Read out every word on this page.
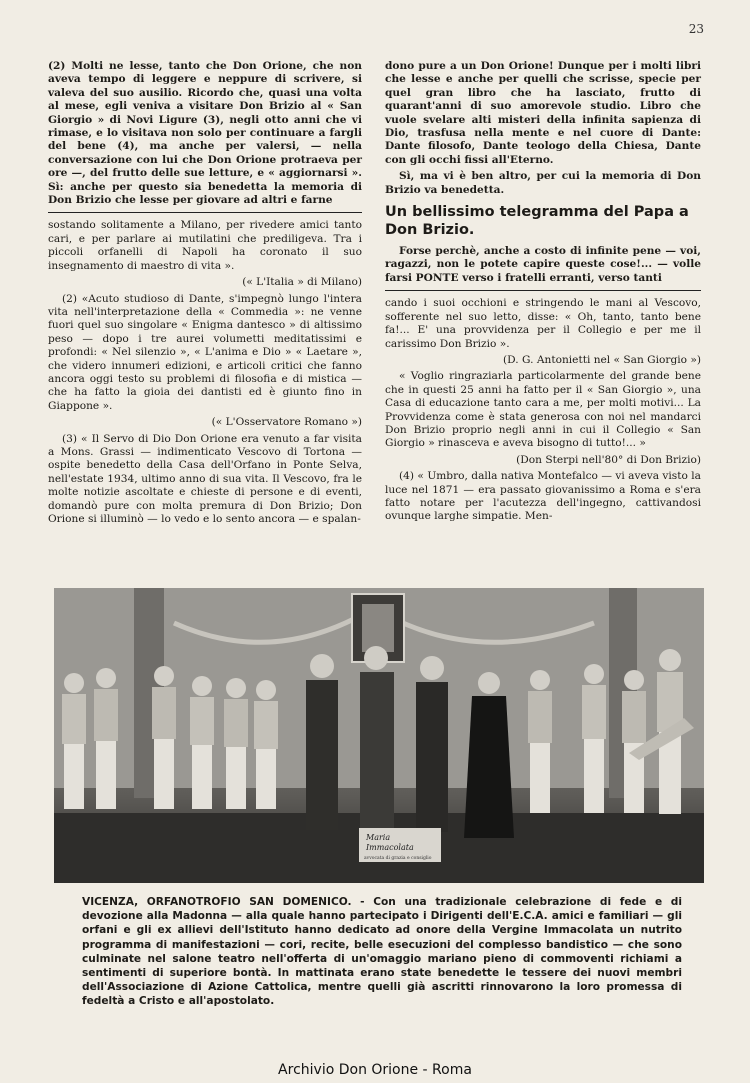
23

(2) Molti ne lesse, tanto che Don Orione, che non aveva tempo di leggere e neppure di scrivere, si valeva del suo ausilio. Ricordo che, quasi una volta al mese, egli veniva a visitare Don Brizio al « San Giorgio » di Novi Ligure (3), negli otto anni che vi rimase, e lo visitava non solo per continuare a fargli del bene (4), ma anche per valersi, — nella conversazione con lui che Don Orione protraeva per ore —, del frutto delle sue letture, e « aggiornarsi ». Sì: anche per questo sia benedetta la memoria di Don Brizio che lesse per giovare ad altri e farne

sostando solitamente a Milano, per rivedere amici tanto cari, e per parlare ai mutilatini che prediligeva. Tra i piccoli orfanelli di Napoli ha coronato il suo insegnamento di maestro di vita ».

(« L'Italia » di Milano)

(2) «Acuto studioso di Dante, s'impegnò lungo l'intera vita nell'interpretazione della « Commedia »: ne venne fuori quel suo singolare « Enigma dantesco » di altissimo peso — dopo i tre aurei volumetti meditatissimi e profondi: « Nel silenzio », « L'anima e Dio » « Laetare », che videro innumeri edizioni, e articoli critici che fanno ancora oggi testo su problemi di filosofia e di mistica — che ha fatto la gioia dei dantisti ed è giunto fino in Giappone ».

(« L'Osservatore Romano »)

(3) « Il Servo di Dio Don Orione era venuto a far visita a Mons. Grassi — indimenticato Vescovo di Tortona — ospite benedetto della Casa dell'Orfano in Ponte Selva, nell'estate 1934, ultimo anno di sua vita. Il Vescovo, fra le molte notizie ascoltate e chieste di persone e di eventi, domandò pure con molta premura di Don Brizio; Don Orione si illuminò — lo vedo e lo sento ancora — e spalan-

dono pure a un Don Orione! Dunque per i molti libri che lesse e anche per quelli che scrisse, specie per quel gran libro che ha lasciato, frutto di quarant'anni di suo amorevole studio. Libro che vuole svelare alti misteri della infinita sapienza di Dio, trasfusa nella mente e nel cuore di Dante: Dante filosofo, Dante teologo della Chiesa, Dante con gli occhi fissi all'Eterno.

Sì, ma vi è ben altro, per cui la memoria di Don Brizio va benedetta.

Un bellissimo telegramma del Papa a Don Brizio.

Forse perchè, anche a costo di infinite pene — voi, ragazzi, non le potete capire queste cose!... — volle farsi PONTE verso i fratelli erranti, verso tanti

cando i suoi occhioni e stringendo le mani al Vescovo, sofferente nel suo letto, disse: « Oh, tanto, tanto bene fa!... E' una provvidenza per il Collegio e per me il carissimo Don Brizio ».

(D. G. Antonietti nel « San Giorgio »)

« Voglio ringraziarla particolarmente del grande bene che in questi 25 anni ha fatto per il « San Giorgio », una Casa di educazione tanto cara a me, per molti motivi... La Provvidenza come è stata generosa con noi nel mandarci Don Brizio proprio negli anni in cui il Collegio « San Giorgio » rinasceva e aveva bisogno di tutto!... »

(Don Sterpi nell'80° di Don Brizio)

(4) « Umbro, dalla nativa Montefalco — vi aveva visto la luce nel 1871 — era passato giovanissimo a Roma e s'era fatto notare per l'acutezza dell'ingegno, cattivandosi ovunque larghe simpatie. Men-

Maria
Immacolata
avvocata di grazia e consiglio
VICENZA, ORFANOTROFIO SAN DOMENICO. - Con una tradizionale celebrazione di fede e di devozione alla Madonna — alla quale hanno partecipato i Dirigenti dell'E.C.A. amici e familiari — gli orfani e gli ex allievi dell'Istituto hanno dedicato ad onore della Vergine Immacolata un nutrito programma di manifestazioni — cori, recite, belle esecuzioni del complesso bandistico — che sono culminate nel salone teatro nell'offerta di un'omaggio mariano pieno di commoventi richiami a sentimenti di superiore bontà. In mattinata erano state benedette le tessere dei nuovi membri dell'Associazione di Azione Cattolica, mentre quelli già ascritti rinnovarono la loro promessa di fedeltà a Cristo e all'apostolato.
Archivio Don Orione - Roma
